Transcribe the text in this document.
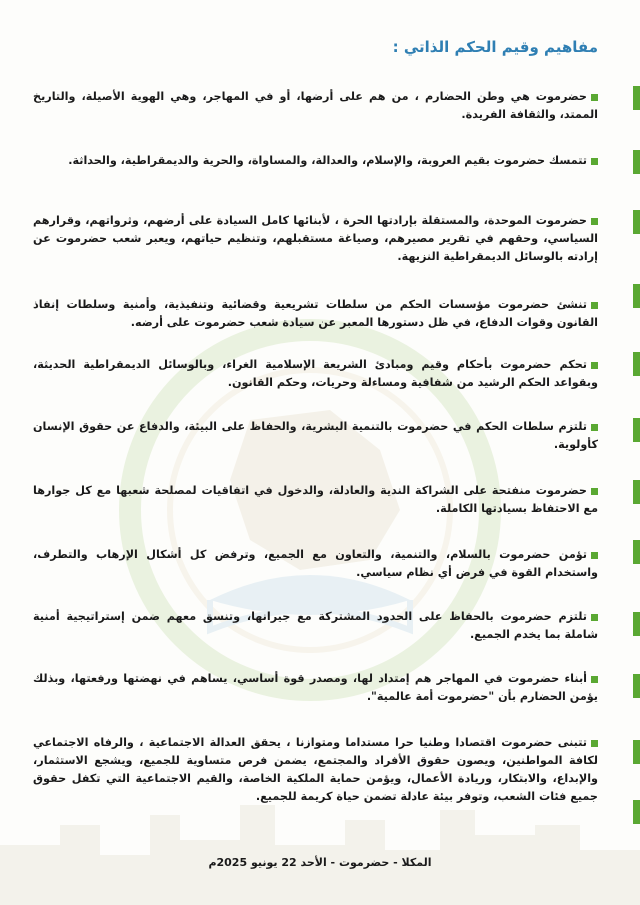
مفاهيم وقيم الحكم الذاتي :
حضرموت هي وطن الحضارم ، من هم على أرضها، أو في المهاجر، وهي الهوية الأصيلة، والتاريخ الممتد، والثقافة الفريدة.
تتمسك حضرموت بقيم العروبة، والإسلام، والعدالة، والمساواة، والحرية والديمقراطية، والحداثة.
حضرموت الموحدة، والمستقلة بإرادتها الحرة ، لأبنائها كامل السيادة على أرضهم، وثرواتهم، وقرارهم السياسي، وحقهم في تقرير مصيرهم، وصياغة مستقبلهم، وتنظيم حياتهم، ويعبر شعب حضرموت عن إرادته بالوسائل الديمقراطية النزيهة.
تنشئ حضرموت مؤسسات الحكم من سلطات تشريعية وقضائية وتنفيذية، وأمنية وسلطات إنفاذ القانون وقوات الدفاع، في ظل دستورها المعبر عن سيادة شعب حضرموت على أرضه.
تحكم حضرموت بأحكام وقيم ومبادئ الشريعة الإسلامية الغراء، وبالوسائل الديمقراطية الحديثة، وبقواعد الحكم الرشيد من شفافية ومساءلة وحريات، وحكم القانون.
تلتزم سلطات الحكم في حضرموت بالتنمية البشرية، والحفاظ على البيئة، والدفاع عن حقوق الإنسان كأولوية.
حضرموت منفتحة على الشراكة الندية والعادلة، والدخول في اتفاقيات لمصلحة شعبها مع كل جوارها مع الاحتفاظ بسيادتها الكاملة.
تؤمن حضرموت بالسلام، والتنمية، والتعاون مع الجميع، وترفض كل أشكال الإرهاب والتطرف، واستخدام القوة في فرض أي نظام سياسي.
تلتزم حضرموت بالحفاظ على الحدود المشتركة مع جيرانها، وتنسق معهم ضمن إستراتيجية أمنية شاملة بما يخدم الجميع.
أبناء حضرموت في المهاجر هم إمتداد لها، ومصدر قوة أساسي، يساهم في نهضتها ورفعتها، وبذلك يؤمن الحضارم بأن "حضرموت أمة عالمية".
تتبنى حضرموت اقتصادا وطنيا حرا مستداما ومتوازنا ، يحقق العدالة الاجتماعية ، والرفاه الاجتماعي لكافة المواطنين، ويصون حقوق الأفراد والمجتمع، يضمن فرص متساوية للجميع، ويشجع الاستثمار، والإبداع، والابتكار، وريادة الأعمال، ويؤمن حماية الملكية الخاصة، والقيم الاجتماعية التي تكفل حقوق جميع فئات الشعب، وتوفر بيئة عادلة تضمن حياة كريمة للجميع.
المكلا - حضرموت - الأحد 22 يونيو 2025م
